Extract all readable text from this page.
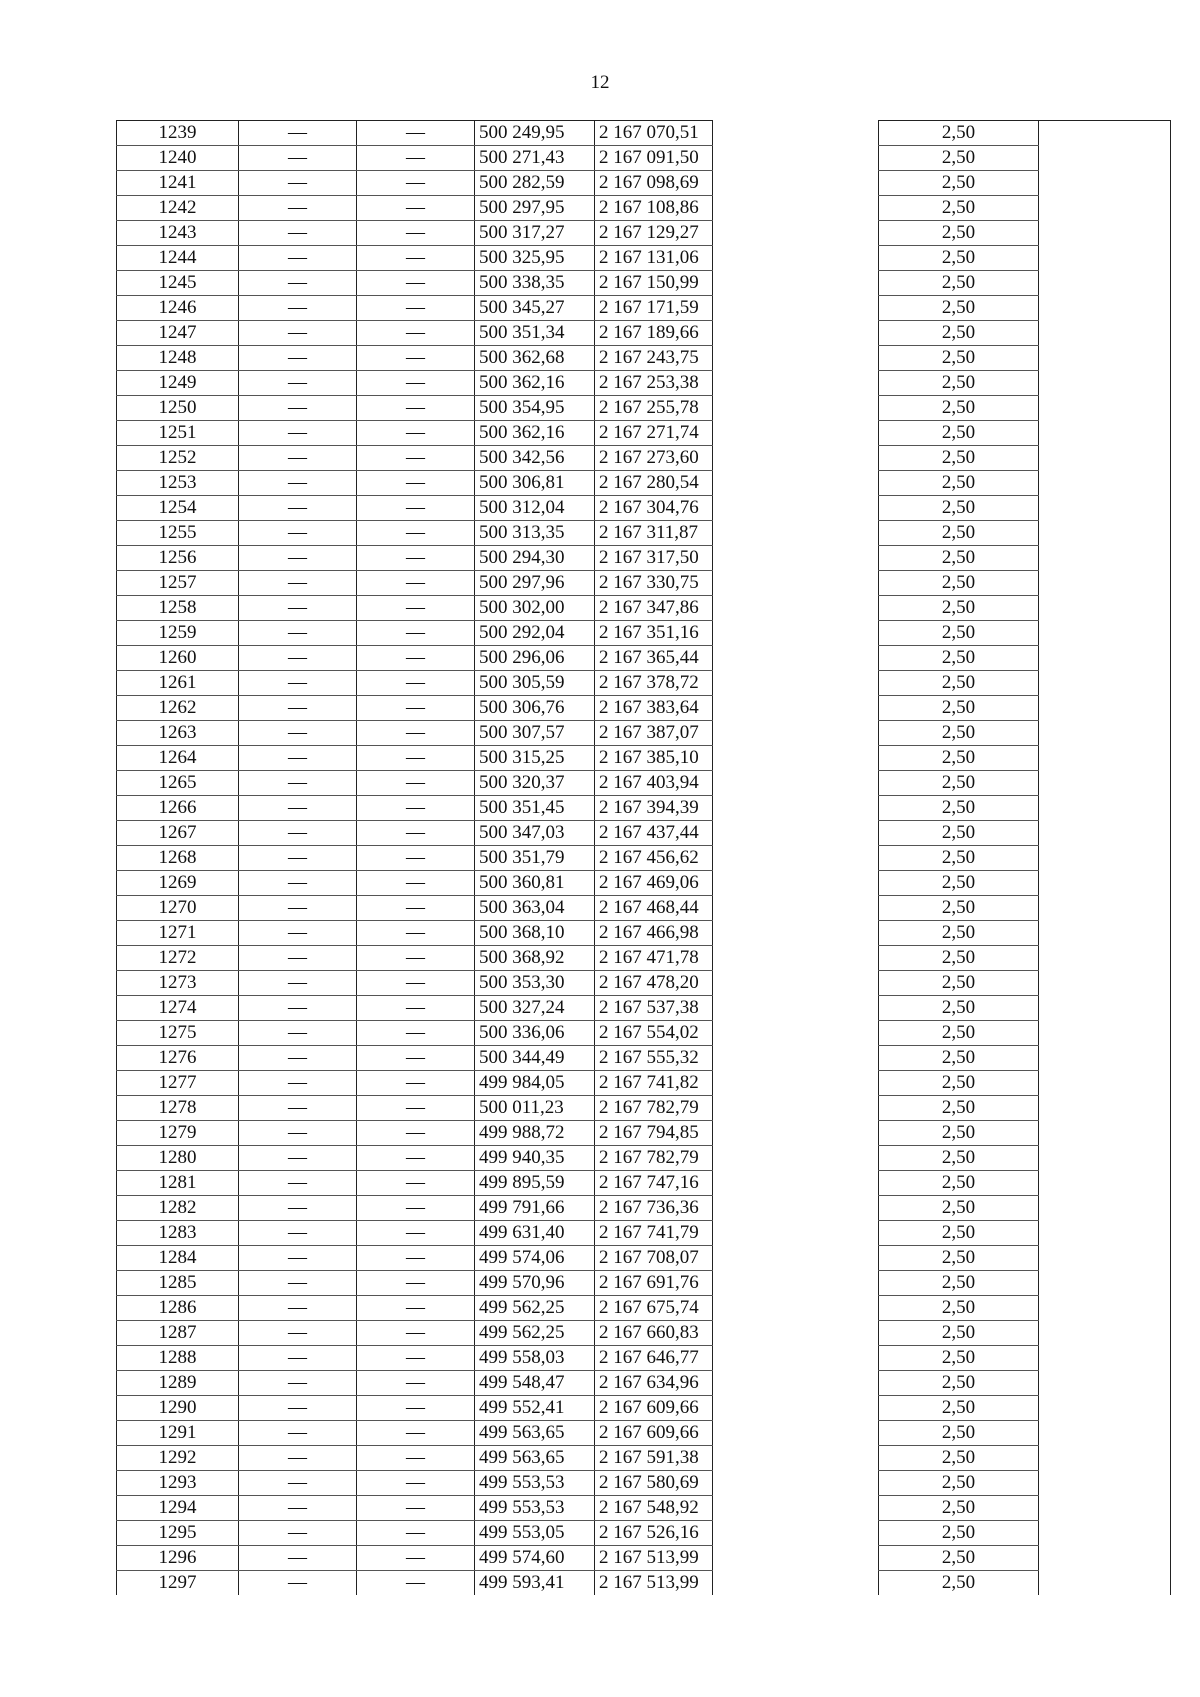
12
1239	—	—	500 249,95	2 167 070,51		2,50	
1240	—	—	500 271,43	2 167 091,50		2,50	
1241	—	—	500 282,59	2 167 098,69		2,50	
1242	—	—	500 297,95	2 167 108,86		2,50	
1243	—	—	500 317,27	2 167 129,27		2,50	
1244	—	—	500 325,95	2 167 131,06		2,50	
1245	—	—	500 338,35	2 167 150,99		2,50	
1246	—	—	500 345,27	2 167 171,59		2,50	
1247	—	—	500 351,34	2 167 189,66		2,50	
1248	—	—	500 362,68	2 167 243,75		2,50	
1249	—	—	500 362,16	2 167 253,38		2,50	
1250	—	—	500 354,95	2 167 255,78		2,50	
1251	—	—	500 362,16	2 167 271,74		2,50	
1252	—	—	500 342,56	2 167 273,60		2,50	
1253	—	—	500 306,81	2 167 280,54		2,50	
1254	—	—	500 312,04	2 167 304,76		2,50	
1255	—	—	500 313,35	2 167 311,87		2,50	
1256	—	—	500 294,30	2 167 317,50		2,50	
1257	—	—	500 297,96	2 167 330,75		2,50	
1258	—	—	500 302,00	2 167 347,86		2,50	
1259	—	—	500 292,04	2 167 351,16		2,50	
1260	—	—	500 296,06	2 167 365,44		2,50	
1261	—	—	500 305,59	2 167 378,72		2,50	
1262	—	—	500 306,76	2 167 383,64		2,50	
1263	—	—	500 307,57	2 167 387,07		2,50	
1264	—	—	500 315,25	2 167 385,10		2,50	
1265	—	—	500 320,37	2 167 403,94		2,50	
1266	—	—	500 351,45	2 167 394,39		2,50	
1267	—	—	500 347,03	2 167 437,44		2,50	
1268	—	—	500 351,79	2 167 456,62		2,50	
1269	—	—	500 360,81	2 167 469,06		2,50	
1270	—	—	500 363,04	2 167 468,44		2,50	
1271	—	—	500 368,10	2 167 466,98		2,50	
1272	—	—	500 368,92	2 167 471,78		2,50	
1273	—	—	500 353,30	2 167 478,20		2,50	
1274	—	—	500 327,24	2 167 537,38		2,50	
1275	—	—	500 336,06	2 167 554,02		2,50	
1276	—	—	500 344,49	2 167 555,32		2,50	
1277	—	—	499 984,05	2 167 741,82		2,50	
1278	—	—	500 011,23	2 167 782,79		2,50	
1279	—	—	499 988,72	2 167 794,85		2,50	
1280	—	—	499 940,35	2 167 782,79		2,50	
1281	—	—	499 895,59	2 167 747,16		2,50	
1282	—	—	499 791,66	2 167 736,36		2,50	
1283	—	—	499 631,40	2 167 741,79		2,50	
1284	—	—	499 574,06	2 167 708,07		2,50	
1285	—	—	499 570,96	2 167 691,76		2,50	
1286	—	—	499 562,25	2 167 675,74		2,50	
1287	—	—	499 562,25	2 167 660,83		2,50	
1288	—	—	499 558,03	2 167 646,77		2,50	
1289	—	—	499 548,47	2 167 634,96		2,50	
1290	—	—	499 552,41	2 167 609,66		2,50	
1291	—	—	499 563,65	2 167 609,66		2,50	
1292	—	—	499 563,65	2 167 591,38		2,50	
1293	—	—	499 553,53	2 167 580,69		2,50	
1294	—	—	499 553,53	2 167 548,92		2,50	
1295	—	—	499 553,05	2 167 526,16		2,50	
1296	—	—	499 574,60	2 167 513,99		2,50	
1297	—	—	499 593,41	2 167 513,99		2,50	
